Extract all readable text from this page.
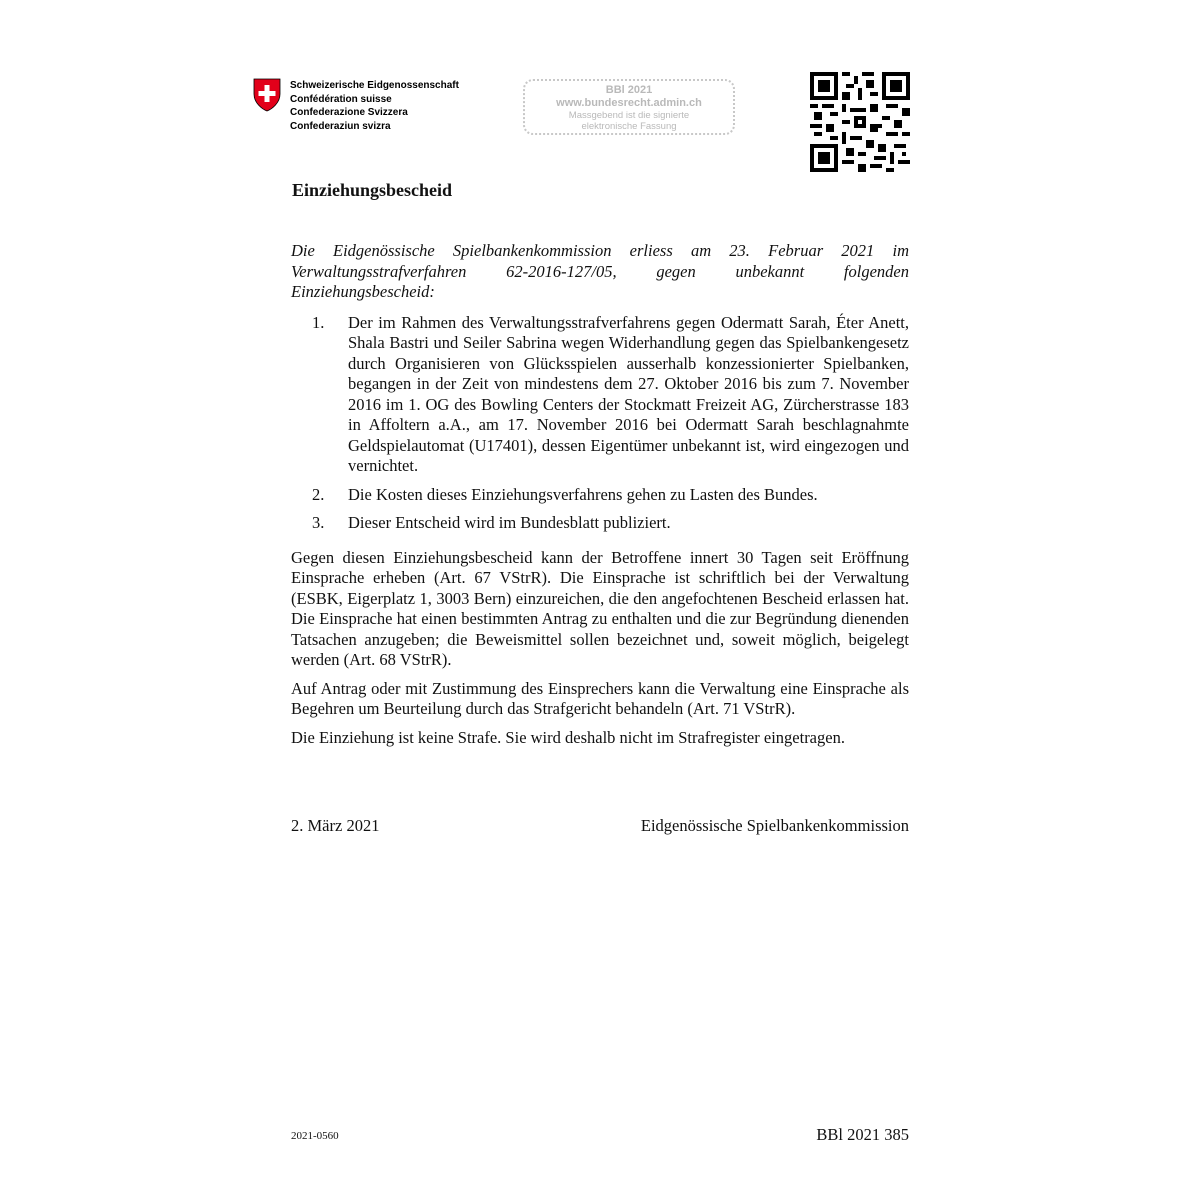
Schweizerische Eidgenossenschaft
Confédération suisse
Confederazione Svizzera
Confederaziun svizra
BBl 2021
www.bundesrecht.admin.ch
Massgebend ist die signierte
elektronische Fassung
Einziehungsbescheid

Die Eidgenössische Spielbankenkommission erliess am 23. Februar 2021 im Verwaltungsstrafverfahren 62-2016-127/05, gegen unbekannt folgenden Einziehungsbescheid:

1.	Der im Rahmen des Verwaltungsstrafverfahrens gegen Odermatt Sarah, Éter Anett, Shala Bastri und Seiler Sabrina wegen Widerhandlung gegen das Spielbankengesetz durch Organisieren von Glücksspielen ausserhalb konzessionierter Spielbanken, begangen in der Zeit von mindestens dem 27. Oktober 2016 bis zum 7. November 2016 im 1. OG des Bowling Centers der Stockmatt Freizeit AG, Zürcherstrasse 183 in Affoltern a.A., am 17. November 2016 bei Odermatt Sarah beschlagnahmte Geldspielautomat (U17401), dessen Eigentümer unbekannt ist, wird eingezogen und vernichtet.
2.	Die Kosten dieses Einziehungsverfahrens gehen zu Lasten des Bundes.
3.	Dieser Entscheid wird im Bundesblatt publiziert.

Gegen diesen Einziehungsbescheid kann der Betroffene innert 30 Tagen seit Eröffnung Einsprache erheben (Art. 67 VStrR). Die Einsprache ist schriftlich bei der Verwaltung (ESBK, Eigerplatz 1, 3003 Bern) einzureichen, die den angefochtenen Bescheid erlassen hat. Die Einsprache hat einen bestimmten Antrag zu enthalten und die zur Begründung dienenden Tatsachen anzugeben; die Beweismittel sollen bezeichnet und, soweit möglich, beigelegt werden (Art. 68 VStrR).

Auf Antrag oder mit Zustimmung des Einsprechers kann die Verwaltung eine Einsprache als Begehren um Beurteilung durch das Strafgericht behandeln (Art. 71 VStrR).

Die Einziehung ist keine Strafe. Sie wird deshalb nicht im Strafregister eingetragen.

2. März 2021	Eidgenössische Spielbankenkommission
2021-0560	BBl 2021 385
